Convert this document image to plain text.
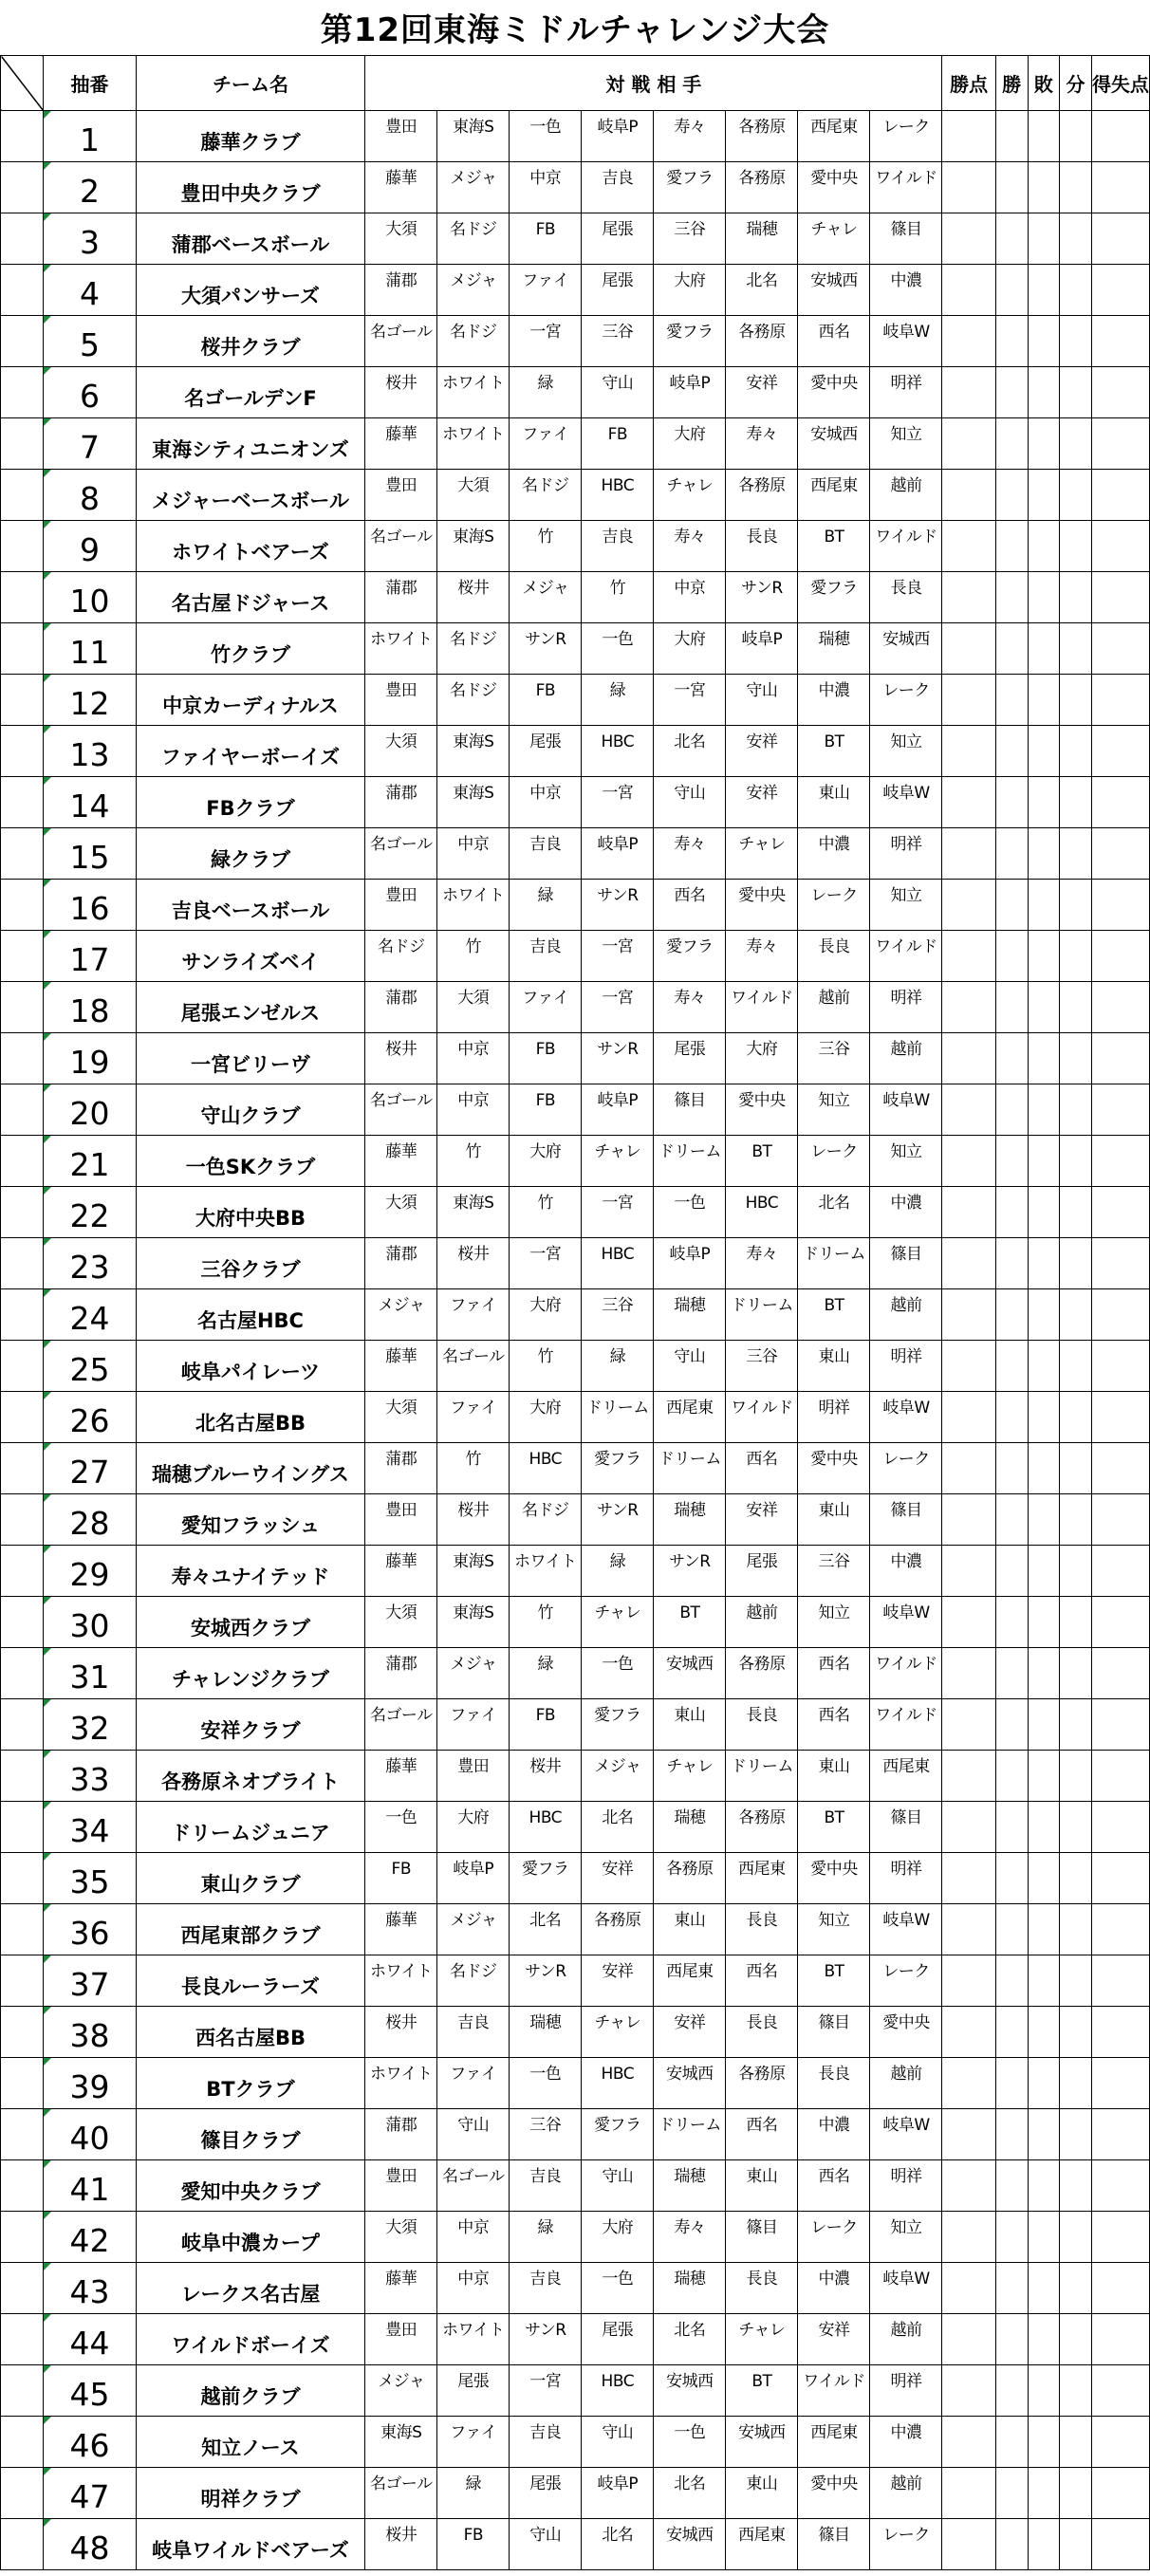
第12回東海ミドルチャレンジ大会
	抽番	チーム名	対 戦 相 手								勝点	勝	敗	分	得失点
	1	藤華クラブ	豊田	東海S	一色	岐阜P	寿々	各務原	西尾東	レーク					
	2	豊田中央クラブ	藤華	メジャ	中京	吉良	愛フラ	各務原	愛中央	ワイルド					
	3	蒲郡ベースボール	大須	名ドジ	FB	尾張	三谷	瑞穂	チャレ	篠目					
	4	大須パンサーズ	蒲郡	メジャ	ファイ	尾張	大府	北名	安城西	中濃					
	5	桜井クラブ	名ゴール	名ドジ	一宮	三谷	愛フラ	各務原	西名	岐阜W					
	6	名ゴールデンF	桜井	ホワイト	緑	守山	岐阜P	安祥	愛中央	明祥					
	7	東海シティユニオンズ	藤華	ホワイト	ファイ	FB	大府	寿々	安城西	知立					
	8	メジャーベースボール	豊田	大須	名ドジ	HBC	チャレ	各務原	西尾東	越前					
	9	ホワイトベアーズ	名ゴール	東海S	竹	吉良	寿々	長良	BT	ワイルド					
	10	名古屋ドジャース	蒲郡	桜井	メジャ	竹	中京	サンR	愛フラ	長良					
	11	竹クラブ	ホワイト	名ドジ	サンR	一色	大府	岐阜P	瑞穂	安城西					
	12	中京カーディナルス	豊田	名ドジ	FB	緑	一宮	守山	中濃	レーク					
	13	ファイヤーボーイズ	大須	東海S	尾張	HBC	北名	安祥	BT	知立					
	14	FBクラブ	蒲郡	東海S	中京	一宮	守山	安祥	東山	岐阜W					
	15	緑クラブ	名ゴール	中京	吉良	岐阜P	寿々	チャレ	中濃	明祥					
	16	吉良ベースボール	豊田	ホワイト	緑	サンR	西名	愛中央	レーク	知立					
	17	サンライズベイ	名ドジ	竹	吉良	一宮	愛フラ	寿々	長良	ワイルド					
	18	尾張エンゼルス	蒲郡	大須	ファイ	一宮	寿々	ワイルド	越前	明祥					
	19	一宮ビリーヴ	桜井	中京	FB	サンR	尾張	大府	三谷	越前					
	20	守山クラブ	名ゴール	中京	FB	岐阜P	篠目	愛中央	知立	岐阜W					
	21	一色SKクラブ	藤華	竹	大府	チャレ	ドリーム	BT	レーク	知立					
	22	大府中央BB	大須	東海S	竹	一宮	一色	HBC	北名	中濃					
	23	三谷クラブ	蒲郡	桜井	一宮	HBC	岐阜P	寿々	ドリーム	篠目					
	24	名古屋HBC	メジャ	ファイ	大府	三谷	瑞穂	ドリーム	BT	越前					
	25	岐阜パイレーツ	藤華	名ゴール	竹	緑	守山	三谷	東山	明祥					
	26	北名古屋BB	大須	ファイ	大府	ドリーム	西尾東	ワイルド	明祥	岐阜W					
	27	瑞穂ブルーウイングス	蒲郡	竹	HBC	愛フラ	ドリーム	西名	愛中央	レーク					
	28	愛知フラッシュ	豊田	桜井	名ドジ	サンR	瑞穂	安祥	東山	篠目					
	29	寿々ユナイテッド	藤華	東海S	ホワイト	緑	サンR	尾張	三谷	中濃					
	30	安城西クラブ	大須	東海S	竹	チャレ	BT	越前	知立	岐阜W					
	31	チャレンジクラブ	蒲郡	メジャ	緑	一色	安城西	各務原	西名	ワイルド					
	32	安祥クラブ	名ゴール	ファイ	FB	愛フラ	東山	長良	西名	ワイルド					
	33	各務原ネオブライト	藤華	豊田	桜井	メジャ	チャレ	ドリーム	東山	西尾東					
	34	ドリームジュニア	一色	大府	HBC	北名	瑞穂	各務原	BT	篠目					
	35	東山クラブ	FB	岐阜P	愛フラ	安祥	各務原	西尾東	愛中央	明祥					
	36	西尾東部クラブ	藤華	メジャ	北名	各務原	東山	長良	知立	岐阜W					
	37	長良ルーラーズ	ホワイト	名ドジ	サンR	安祥	西尾東	西名	BT	レーク					
	38	西名古屋BB	桜井	吉良	瑞穂	チャレ	安祥	長良	篠目	愛中央					
	39	BTクラブ	ホワイト	ファイ	一色	HBC	安城西	各務原	長良	越前					
	40	篠目クラブ	蒲郡	守山	三谷	愛フラ	ドリーム	西名	中濃	岐阜W					
	41	愛知中央クラブ	豊田	名ゴール	吉良	守山	瑞穂	東山	西名	明祥					
	42	岐阜中濃カープ	大須	中京	緑	大府	寿々	篠目	レーク	知立					
	43	レークス名古屋	藤華	中京	吉良	一色	瑞穂	長良	中濃	岐阜W					
	44	ワイルドボーイズ	豊田	ホワイト	サンR	尾張	北名	チャレ	安祥	越前					
	45	越前クラブ	メジャ	尾張	一宮	HBC	安城西	BT	ワイルド	明祥					
	46	知立ノース	東海S	ファイ	吉良	守山	一色	安城西	西尾東	中濃					
	47	明祥クラブ	名ゴール	緑	尾張	岐阜P	北名	東山	愛中央	越前					
	48	岐阜ワイルドベアーズ	桜井	FB	守山	北名	安城西	西尾東	篠目	レーク					
